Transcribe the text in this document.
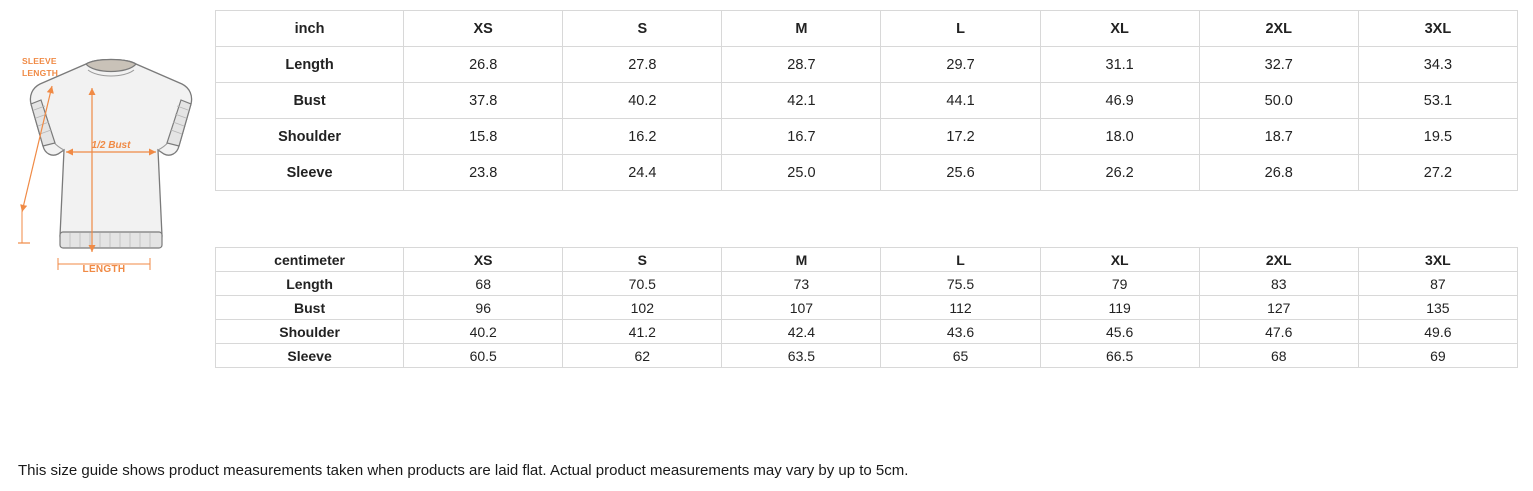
SLEEVE
LENGTH
1/2 Bust
LENGTH
inch	XS	S	M	L	XL	2XL	3XL
Length	26.8	27.8	28.7	29.7	31.1	32.7	34.3
Bust	37.8	40.2	42.1	44.1	46.9	50.0	53.1
Shoulder	15.8	16.2	16.7	17.2	18.0	18.7	19.5
Sleeve	23.8	24.4	25.0	25.6	26.2	26.8	27.2
centimeter	XS	S	M	L	XL	2XL	3XL
Length	68	70.5	73	75.5	79	83	87
Bust	96	102	107	112	119	127	135
Shoulder	40.2	41.2	42.4	43.6	45.6	47.6	49.6
Sleeve	60.5	62	63.5	65	66.5	68	69
This size guide shows product measurements taken when products are laid flat. Actual product measurements may vary by up to 5cm.
